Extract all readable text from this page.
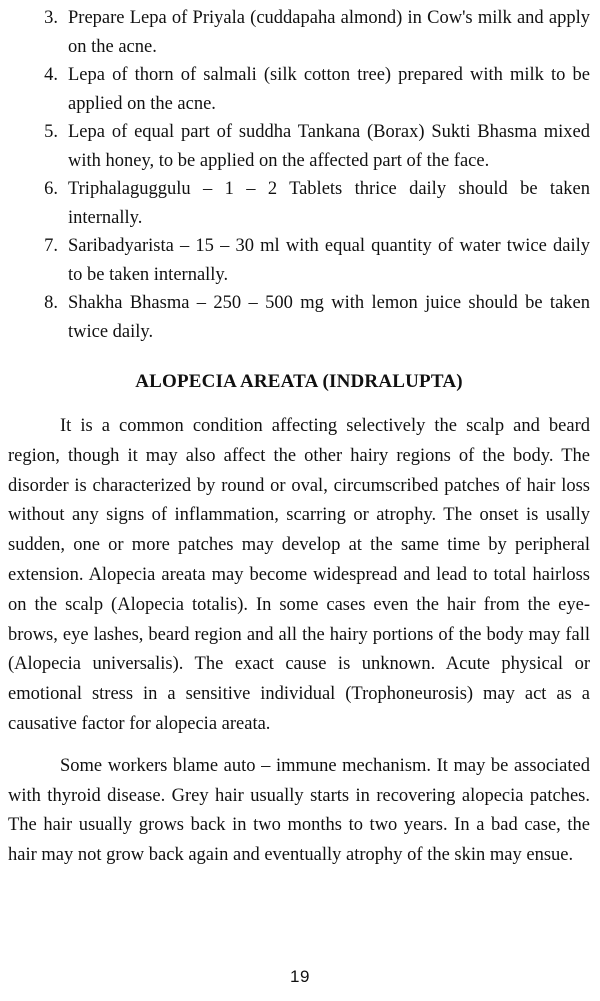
3. Prepare Lepa of Priyala (cuddapaha almond) in Cow's milk and apply on the acne.
4. Lepa of thorn of salmali (silk cotton tree) prepared with milk to be applied on the acne.
5. Lepa of equal part of suddha Tankana (Borax) Sukti Bhasma mixed with honey, to be applied on the affected part of the face.
6. Triphalaguggulu – 1 – 2 Tablets thrice daily should be taken internally.
7. Saribadyarista – 15 – 30 ml with equal quantity of water twice daily to be taken internally.
8. Shakha Bhasma – 250 – 500 mg with lemon juice should be taken twice daily.
ALOPECIA AREATA (INDRALUPTA)

It is a common condition affecting selectively the scalp and beard region, though it may also affect the other hairy regions of the body. The disorder is characterized by round or oval, circumscribed patches of hair loss without any signs of inflammation, scarring or atrophy. The onset is usally sudden, one or more patches may develop at the same time by peripheral extension. Alopecia areata may become widespread and lead to total hairloss on the scalp (Alopecia totalis). In some cases even the hair from the eye-brows, eye lashes, beard region and all the hairy portions of the body may fall (Alopecia universalis). The exact cause is unknown. Acute physical or emotional stress in a sensitive individual (Trophoneurosis) may act as a causative factor for alopecia areata.

Some workers blame auto – immune mechanism. It may be associated with thyroid disease. Grey hair usually starts in recovering alopecia patches. The hair usually grows back in two months to two years. In a bad case, the hair may not grow back again and eventually atrophy of the skin may ensue.

19
